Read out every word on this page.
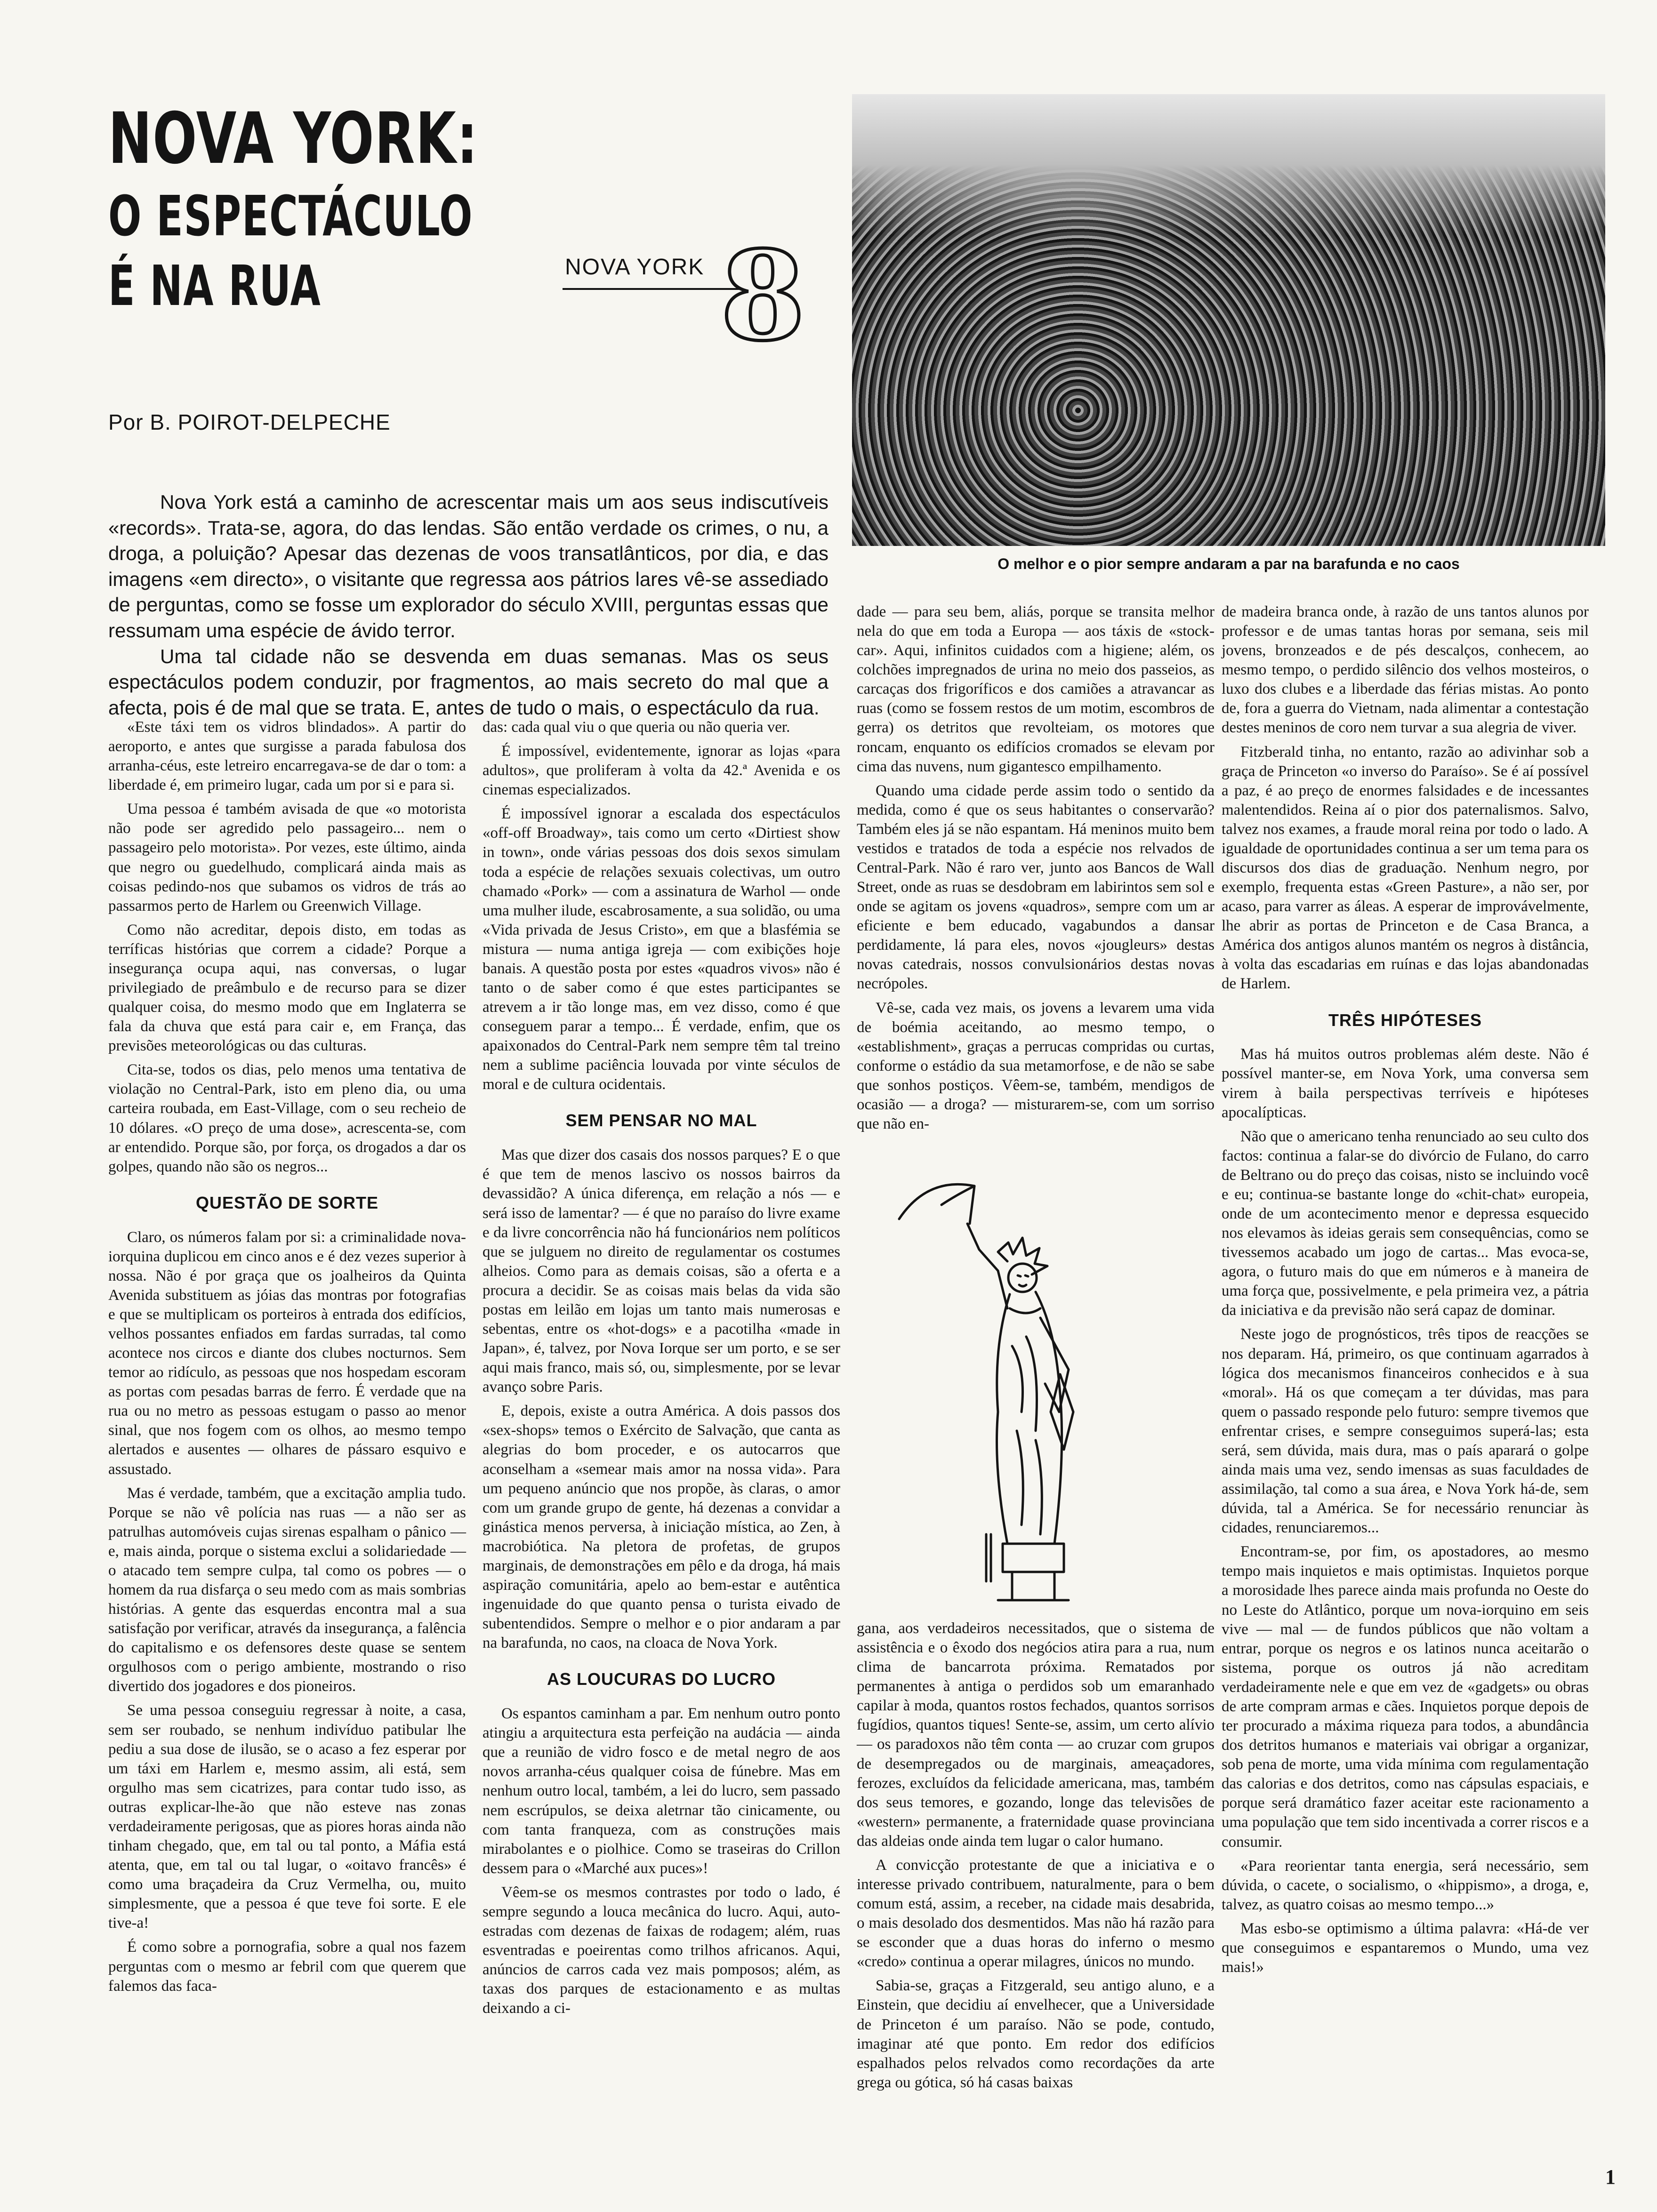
NOVA YORK:
O ESPECTÁCULO
É NA RUA	NOVA YORK 8
Por B. POIROT-DELPECHE
O melhor e o pior sempre andaram a par na barafunda e no caos

Nova York está a caminho de acrescentar mais um aos seus indiscutíveis «records». Trata-se, agora, do das lendas. São então verdade os crimes, o nu, a droga, a poluição? Apesar das dezenas de voos transatlânticos, por dia, e das imagens «em directo», o visitante que regressa aos pátrios lares vê-se assediado de perguntas, como se fosse um explorador do século XVIII, perguntas essas que ressumam uma espécie de ávido terror.

Uma tal cidade não se desvenda em duas semanas. Mas os seus espectáculos podem conduzir, por fragmentos, ao mais secreto do mal que a afecta, pois é de mal que se trata. E, antes de tudo o mais, o espectáculo da rua.

«Este táxi tem os vidros blindados». A partir do aeroporto, e antes que surgisse a parada fabulosa dos arranha-céus, este letreiro encarregava-se de dar o tom: a liberdade é, em primeiro lugar, cada um por si e para si.

Uma pessoa é também avisada de que «o motorista não pode ser agredido pelo passageiro... nem o passageiro pelo motorista». Por vezes, este último, ainda que negro ou guedelhudo, complicará ainda mais as coisas pedindo-nos que subamos os vidros de trás ao passarmos perto de Harlem ou Greenwich Village.

Como não acreditar, depois disto, em todas as terríficas histórias que correm a cidade? Porque a insegurança ocupa aqui, nas conversas, o lugar privilegiado de preâmbulo e de recurso para se dizer qualquer coisa, do mesmo modo que em Inglaterra se fala da chuva que está para cair e, em França, das previsões meteorológicas ou das culturas.

Cita-se, todos os dias, pelo menos uma tentativa de violação no Central-Park, isto em pleno dia, ou uma carteira roubada, em East-Village, com o seu recheio de 10 dólares. «O preço de uma dose», acrescenta-se, com ar entendido. Porque são, por força, os drogados a dar os golpes, quando não são os negros...

QUESTÃO DE SORTE

Claro, os números falam por si: a criminalidade nova-iorquina duplicou em cinco anos e é dez vezes superior à nossa. Não é por graça que os joalheiros da Quinta Avenida substituem as jóias das montras por fotografias e que se multiplicam os porteiros à entrada dos edifícios, velhos possantes enfiados em fardas surradas, tal como acontece nos circos e diante dos clubes nocturnos. Sem temor ao ridículo, as pessoas que nos hospedam escoram as portas com pesadas barras de ferro. É verdade que na rua ou no metro as pessoas estugam o passo ao menor sinal, que nos fogem com os olhos, ao mesmo tempo alertados e ausentes — olhares de pássaro esquivo e assustado.

Mas é verdade, também, que a excitação amplia tudo. Porque se não vê polícia nas ruas — a não ser as patrulhas automóveis cujas sirenas espalham o pânico — e, mais ainda, porque o sistema exclui a solidariedade — o atacado tem sempre culpa, tal como os pobres — o homem da rua disfarça o seu medo com as mais sombrias histórias. A gente das esquerdas encontra mal a sua satisfação por verificar, através da insegurança, a falência do capitalismo e os defensores deste quase se sentem orgulhosos com o perigo ambiente, mostrando o riso divertido dos jogadores e dos pioneiros.

Se uma pessoa conseguiu regressar à noite, a casa, sem ser roubado, se nenhum indivíduo patibular lhe pediu a sua dose de ilusão, se o acaso a fez esperar por um táxi em Harlem e, mesmo assim, ali está, sem orgulho mas sem cicatrizes, para contar tudo isso, as outras explicar-lhe-ão que não esteve nas zonas verdadeiramente perigosas, que as piores horas ainda não tinham chegado, que, em tal ou tal ponto, a Máfia está atenta, que, em tal ou tal lugar, o «oitavo francês» é como uma braçadeira da Cruz Vermelha, ou, muito simplesmente, que a pessoa é que teve foi sorte. E ele tive-a!

É como sobre a pornografia, sobre a qual nos fazem perguntas com o mesmo ar febril com que querem que falemos das faca-

das: cada qual viu o que queria ou não queria ver.

É impossível, evidentemente, ignorar as lojas «para adultos», que proliferam à volta da 42.ª Avenida e os cinemas especializados.

É impossível ignorar a escalada dos espectáculos «off-off Broadway», tais como um certo «Dirtiest show in town», onde várias pessoas dos dois sexos simulam toda a espécie de relações sexuais colectivas, um outro chamado «Pork» — com a assinatura de Warhol — onde uma mulher ilude, escabrosamente, a sua solidão, ou uma «Vida privada de Jesus Cristo», em que a blasfémia se mistura — numa antiga igreja — com exibições hoje banais. A questão posta por estes «quadros vivos» não é tanto o de saber como é que estes participantes se atrevem a ir tão longe mas, em vez disso, como é que conseguem parar a tempo... É verdade, enfim, que os apaixonados do Central-Park nem sempre têm tal treino nem a sublime paciência louvada por vinte séculos de moral e de cultura ocidentais.

SEM PENSAR NO MAL

Mas que dizer dos casais dos nossos parques? E o que é que tem de menos lascivo os nossos bairros da devassidão? A única diferença, em relação a nós — e será isso de lamentar? — é que no paraíso do livre exame e da livre concorrência não há funcionários nem políticos que se julguem no direito de regulamentar os costumes alheios. Como para as demais coisas, são a oferta e a procura a decidir. Se as coisas mais belas da vida são postas em leilão em lojas um tanto mais numerosas e sebentas, entre os «hot-dogs» e a pacotilha «made in Japan», é, talvez, por Nova Iorque ser um porto, e se ser aqui mais franco, mais só, ou, simplesmente, por se levar avanço sobre Paris.

E, depois, existe a outra América. A dois passos dos «sex-shops» temos o Exército de Salvação, que canta as alegrias do bom proceder, e os autocarros que aconselham a «semear mais amor na nossa vida». Para um pequeno anúncio que nos propõe, às claras, o amor com um grande grupo de gente, há dezenas a convidar a ginástica menos perversa, à iniciação mística, ao Zen, à macrobiótica. Na pletora de profetas, de grupos marginais, de demonstrações em pêlo e da droga, há mais aspiração comunitária, apelo ao bem-estar e autêntica ingenuidade do que quanto pensa o turista eivado de subentendidos. Sempre o melhor e o pior andaram a par na barafunda, no caos, na cloaca de Nova York.

AS LOUCURAS DO LUCRO

Os espantos caminham a par. Em nenhum outro ponto atingiu a arquitectura esta perfeição na audácia — ainda que a reunião de vidro fosco e de metal negro de aos novos arranha-céus qualquer coisa de fúnebre. Mas em nenhum outro local, também, a lei do lucro, sem passado nem escrúpulos, se deixa aletrnar tão cinicamente, ou com tanta franqueza, com as construções mais mirabolantes e o piolhice. Como se traseiras do Crillon dessem para o «Marché aux puces»!

Vêem-se os mesmos contrastes por todo o lado, é sempre segundo a louca mecânica do lucro. Aqui, auto-estradas com dezenas de faixas de rodagem; além, ruas esventradas e poeirentas como trilhos africanos. Aqui, anúncios de carros cada vez mais pomposos; além, as taxas dos parques de estacionamento e as multas deixando a ci-

dade — para seu bem, aliás, porque se transita melhor nela do que em toda a Europa — aos táxis de «stock-car». Aqui, infinitos cuidados com a higiene; além, os colchões impregnados de urina no meio dos passeios, as carcaças dos frigoríficos e dos camiões a atravancar as ruas (como se fossem restos de um motim, escombros de gerra) os detritos que revolteiam, os motores que roncam, enquanto os edifícios cromados se elevam por cima das nuvens, num gigantesco empilhamento.

Quando uma cidade perde assim todo o sentido da medida, como é que os seus habitantes o conservarão? Também eles já se não espantam. Há meninos muito bem vestidos e tratados de toda a espécie nos relvados de Central-Park. Não é raro ver, junto aos Bancos de Wall Street, onde as ruas se desdobram em labirintos sem sol e onde se agitam os jovens «quadros», sempre com um ar eficiente e bem educado, vagabundos a dansar perdidamente, lá para eles, novos «jougleurs» destas novas catedrais, nossos convulsionários destas novas necrópoles.

Vê-se, cada vez mais, os jovens a levarem uma vida de boémia aceitando, ao mesmo tempo, o «establishment», graças a perrucas compridas ou curtas, conforme o estádio da sua metamorfose, e de não se sabe que sonhos postiços. Vêem-se, também, mendigos de ocasião — a droga? — misturarem-se, com um sorriso que não en-

gana, aos verdadeiros necessitados, que o sistema de assistência e o êxodo dos negócios atira para a rua, num clima de bancarrota próxima. Rematados por permanentes à antiga o perdidos sob um emaranhado capilar à moda, quantos rostos fechados, quantos sorrisos fugídios, quantos tiques! Sente-se, assim, um certo alívio — os paradoxos não têm conta — ao cruzar com grupos de desempregados ou de marginais, ameaçadores, ferozes, excluídos da felicidade americana, mas, também dos seus temores, e gozando, longe das televisões de «western» permanente, a fraternidade quase provinciana das aldeias onde ainda tem lugar o calor humano.

A convicção protestante de que a iniciativa e o interesse privado contribuem, naturalmente, para o bem comum está, assim, a receber, na cidade mais desabrida, o mais desolado dos desmentidos. Mas não há razão para se esconder que a duas horas do inferno o mesmo «credo» continua a operar milagres, únicos no mundo.

Sabia-se, graças a Fitzgerald, seu antigo aluno, e a Einstein, que decidiu aí envelhecer, que a Universidade de Princeton é um paraíso. Não se pode, contudo, imaginar até que ponto. Em redor dos edifícios espalhados pelos relvados como recordações da arte grega ou gótica, só há casas baixas

de madeira branca onde, à razão de uns tantos alunos por professor e de umas tantas horas por semana, seis mil jovens, bronzeados e de pés descalços, conhecem, ao mesmo tempo, o perdido silêncio dos velhos mosteiros, o luxo dos clubes e a liberdade das férias mistas. Ao ponto de, fora a guerra do Vietnam, nada alimentar a contestação destes meninos de coro nem turvar a sua alegria de viver.

Fitzberald tinha, no entanto, razão ao adivinhar sob a graça de Princeton «o inverso do Paraíso». Se é aí possível a paz, é ao preço de enormes falsidades e de incessantes malentendidos. Reina aí o pior dos paternalismos. Salvo, talvez nos exames, a fraude moral reina por todo o lado. A igualdade de oportunidades continua a ser um tema para os discursos dos dias de graduação. Nenhum negro, por exemplo, frequenta estas «Green Pasture», a não ser, por acaso, para varrer as áleas. A esperar de improvávelmente, lhe abrir as portas de Princeton e de Casa Branca, a América dos antigos alunos mantém os negros à distância, à volta das escadarias em ruínas e das lojas abandonadas de Harlem.

TRÊS HIPÓTESES

Mas há muitos outros problemas além deste. Não é possível manter-se, em Nova York, uma conversa sem virem à baila perspectivas terríveis e hipóteses apocalípticas.

Não que o americano tenha renunciado ao seu culto dos factos: continua a falar-se do divórcio de Fulano, do carro de Beltrano ou do preço das coisas, nisto se incluindo você e eu; continua-se bastante longe do «chit-chat» europeia, onde de um acontecimento menor e depressa esquecido nos elevamos às ideias gerais sem consequências, como se tivessemos acabado um jogo de cartas... Mas evoca-se, agora, o futuro mais do que em números e à maneira de uma força que, possivelmente, e pela primeira vez, a pátria da iniciativa e da previsão não será capaz de dominar.

Neste jogo de prognósticos, três tipos de reacções se nos deparam. Há, primeiro, os que continuam agarrados à lógica dos mecanismos financeiros conhecidos e à sua «moral». Há os que começam a ter dúvidas, mas para quem o passado responde pelo futuro: sempre tivemos que enfrentar crises, e sempre conseguimos superá-las; esta será, sem dúvida, mais dura, mas o país aparará o golpe ainda mais uma vez, sendo imensas as suas faculdades de assimilação, tal como a sua área, e Nova York há-de, sem dúvida, tal a América. Se for necessário renunciar às cidades, renunciaremos...

Encontram-se, por fim, os apostadores, ao mesmo tempo mais inquietos e mais optimistas. Inquietos porque a morosidade lhes parece ainda mais profunda no Oeste do no Leste do Atlântico, porque um nova-iorquino em seis vive — mal — de fundos públicos que não voltam a entrar, porque os negros e os latinos nunca aceitarão o sistema, porque os outros já não acreditam verdadeiramente nele e que em vez de «gadgets» ou obras de arte compram armas e cães. Inquietos porque depois de ter procurado a máxima riqueza para todos, a abundância dos detritos humanos e materiais vai obrigar a organizar, sob pena de morte, uma vida mínima com regulamentação das calorias e dos detritos, como nas cápsulas espaciais, e porque será dramático fazer aceitar este racionamento a uma população que tem sido incentivada a correr riscos e a consumir.

«Para reorientar tanta energia, será necessário, sem dúvida, o cacete, o socialismo, o «hippismo», a droga, e, talvez, as quatro coisas ao mesmo tempo...»

Mas esbo-se optimismo a última palavra: «Há-de ver que conseguimos e espantaremos o Mundo, uma vez mais!»

1
